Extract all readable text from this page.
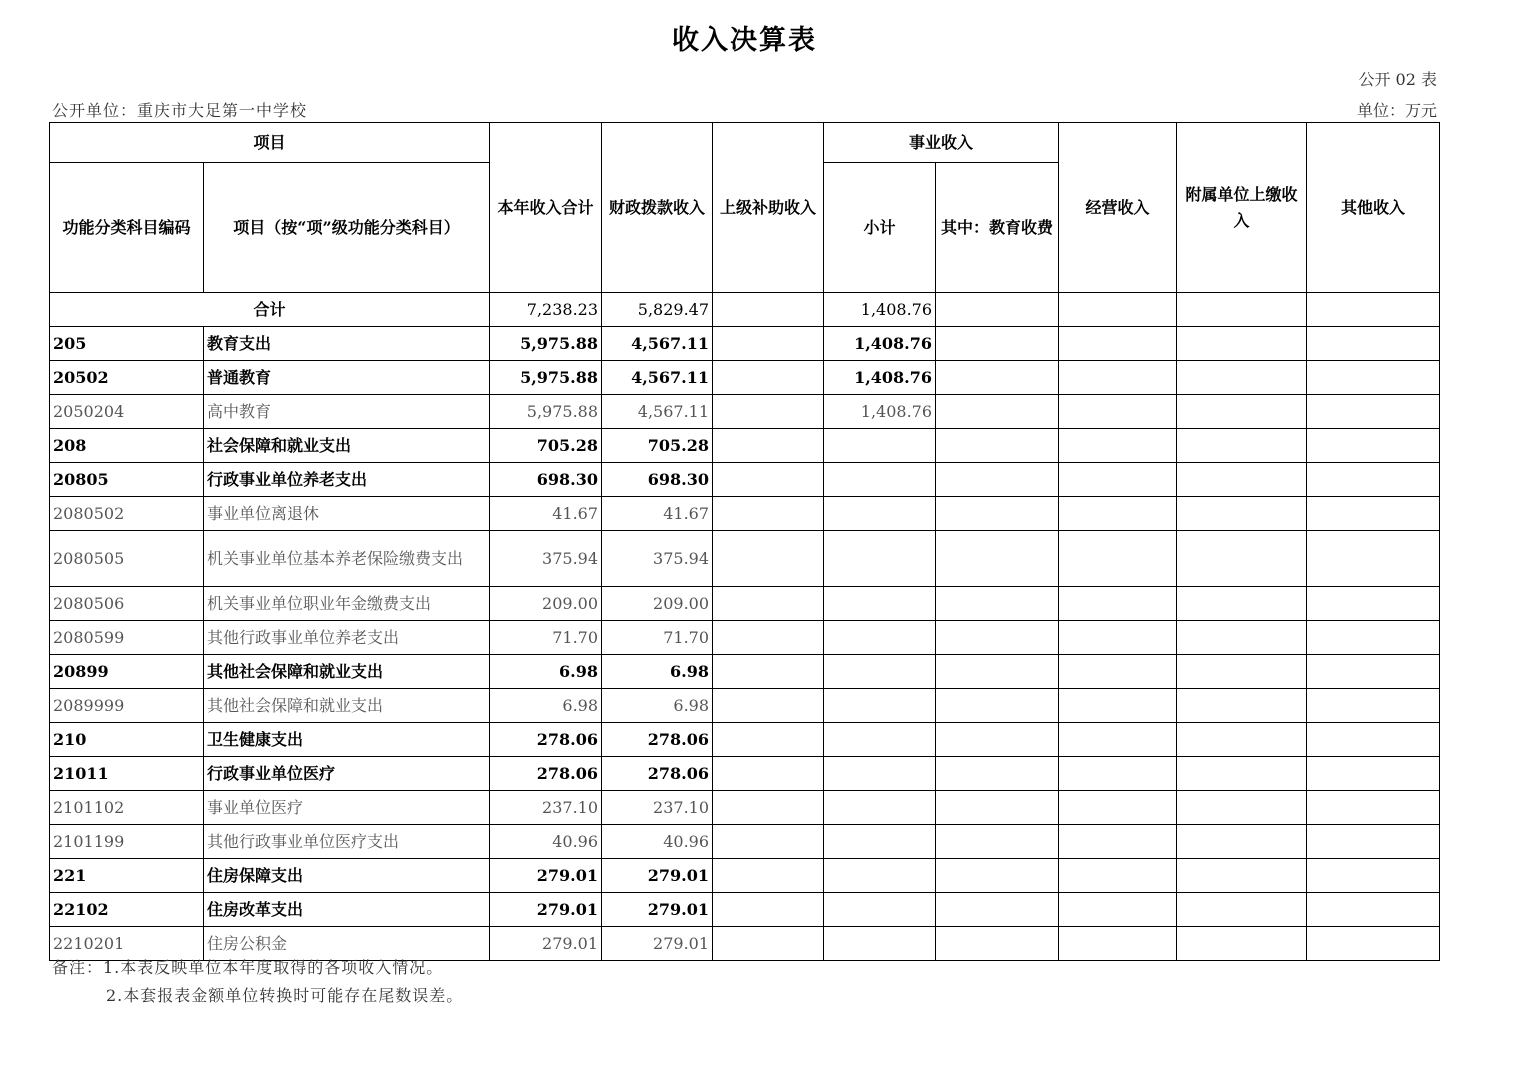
收入决算表
公开 02 表
公开单位：重庆市大足第一中学校	单位：万元
项目		本年收入合计	财政拨款收入	上级补助收入	事业收入		经营收入	附属单位上缴收入	其他收入
功能分类科目编码	项目（按“项”级功能分类科目）				小计	其中：教育收费			
合计		7,238.23	5,829.47		1,408.76				
205	教育支出	5,975.88	4,567.11		1,408.76				
20502	普通教育	5,975.88	4,567.11		1,408.76				
2050204	高中教育	5,975.88	4,567.11		1,408.76				
208	社会保障和就业支出	705.28	705.28						
20805	行政事业单位养老支出	698.30	698.30						
2080502	事业单位离退休	41.67	41.67						
2080505	机关事业单位基本养老保险缴费支出	375.94	375.94						
2080506	机关事业单位职业年金缴费支出	209.00	209.00						
2080599	其他行政事业单位养老支出	71.70	71.70						
20899	其他社会保障和就业支出	6.98	6.98						
2089999	其他社会保障和就业支出	6.98	6.98						
210	卫生健康支出	278.06	278.06						
21011	行政事业单位医疗	278.06	278.06						
2101102	事业单位医疗	237.10	237.10						
2101199	其他行政事业单位医疗支出	40.96	40.96						
221	住房保障支出	279.01	279.01						
22102	住房改革支出	279.01	279.01						
2210201	住房公积金	279.01	279.01						
备注：1.本表反映单位本年度取得的各项收入情况。
2.本套报表金额单位转换时可能存在尾数误差。
